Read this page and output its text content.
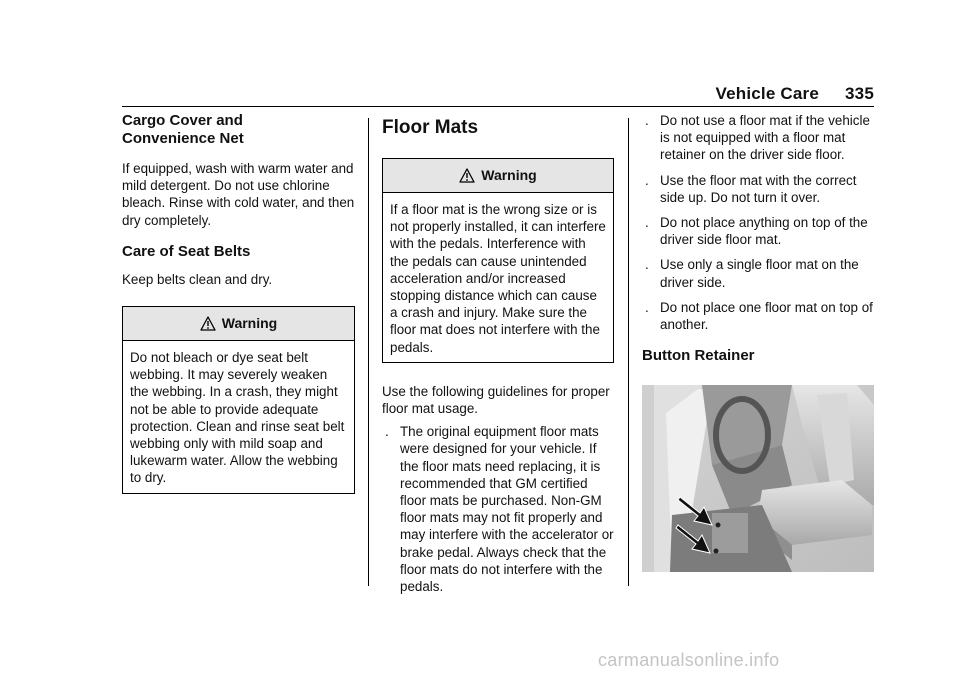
Vehicle Care 335
Cargo Cover and
Convenience Net

If equipped, wash with warm water and mild detergent. Do not use chlorine bleach. Rinse with cold water, and then dry completely.

Care of Seat Belts

Keep belts clean and dry.

Warning
Do not bleach or dye seat belt webbing. It may severely weaken the webbing. In a crash, they might not be able to provide adequate protection. Clean and rinse seat belt webbing only with mild soap and lukewarm water. Allow the webbing to dry.
Floor Mats
Warning
If a floor mat is the wrong size or is not properly installed, it can interfere with the pedals. Interference with the pedals can cause unintended acceleration and/or increased stopping distance which can cause a crash and injury. Make sure the floor mat does not interfere with the pedals.

Use the following guidelines for proper floor mat usage.

. The original equipment floor mats were designed for your vehicle. If the floor mats need replacing, it is recommended that GM certified floor mats be purchased. Non-GM floor mats may not fit properly and may interfere with the accelerator or brake pedal. Always check that the floor mats do not interfere with the pedals.
. Do not use a floor mat if the vehicle is not equipped with a floor mat retainer on the driver side floor.
. Use the floor mat with the correct side up. Do not turn it over.
. Do not place anything on top of the driver side floor mat.
. Use only a single floor mat on the driver side.
. Do not place one floor mat on top of another.
Button Retainer
carmanualsonline.info
